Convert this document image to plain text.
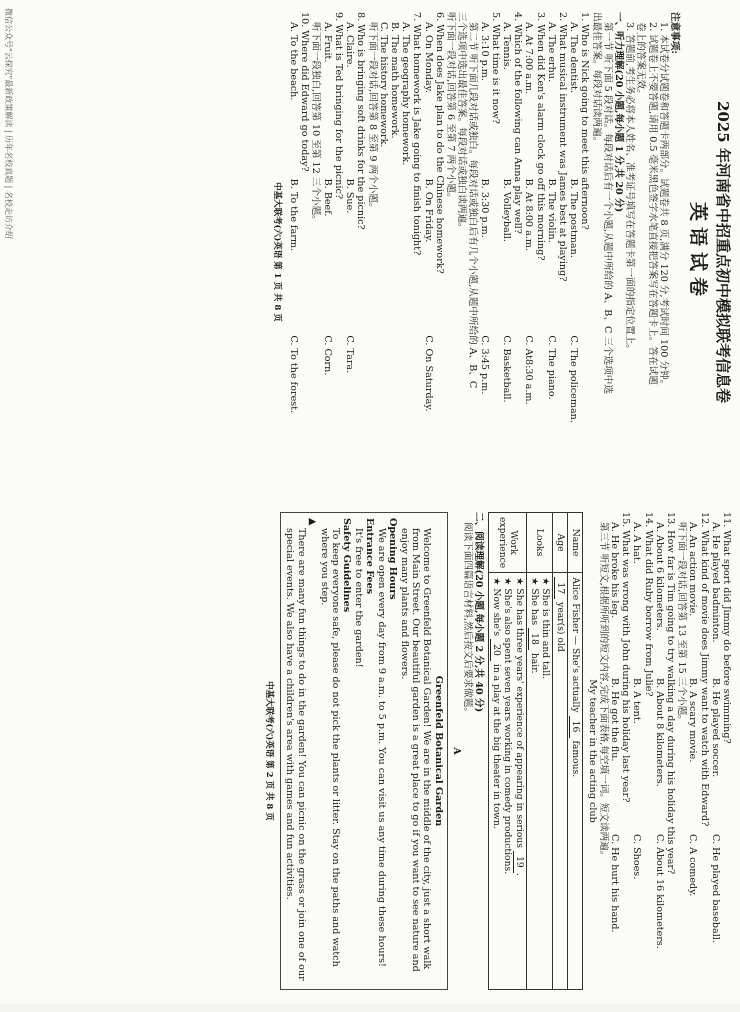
2025 年河南省中招重点初中模拟联考信息卷

英语试卷

注意事项:

1. 本试卷分试题卷和答题卡两部分。试题卷共 8 页,满分 120 分,考试时间 100 分钟。

2. 试题卷上不要答题,请用 0.5 毫米黑色签字水笔直接把答案写在答题卡上。答在试题

卷上的答案无效。

3. 答题前,考生务必将本人姓名、准考证号填写在答题卡第一面的指定位置上。

一、听力理解(20 小题,每小题 1 分,共 20 分)

第一节 听下面 5 段对话。每段对话后有一个小题,从题中所给的 A、B、C 三个选项中选

出最佳答案。每段对话读两遍。

1. Who is Nick going to meet this afternoon?

A. The dentist.
B. The postman.
C. The policeman.

2. What musical instrument was James best at playing?

A. The erhu.
B. The violin.
C. The piano.

3. When did Ken's alarm clock go off this morning?

A. At 7:00 a.m.
B. At 8:00 a.m.
C. At8:30 a.m.

4. Which of the following can Anna play well?

A. Tennis.
B. Volleyball.
C. Basketball.

5. What time is it now?

A. 3:10 p.m.
B. 3:30 p.m.
C. 3:45 p.m.

第二节 听下面几段对话或独白。每段对话或独白后有几个小题,从题中所给的 A、B、C

三个选项中选出最佳答案。每段对话或独白读两遍。

听下面一段对话,回答第 6 至第 7 两个小题。

6. When does Jake plan to do the Chinese homework?

A. On Monday.
B. On Friday.
C. On Saturday.

7. What homework is Jake going to finish tonight?

A. The geography homework.

B. The math homework.

C. The history homework.

听下面一段对话,回答第 8 至第 9 两个小题。

8. Who is bringing soft drinks for the picnic?

A. Claire.
B. Sue.
C. Tara.

9. What is Ted bringing for the picnic?

A. Fruit.
B. Beef.
C. Corn.

听下面一段独白,回答第 10 至第 12 三个小题。

10. Where did Edward go today?

A. To the beach.
B. To the farm.
C. To the forest.

中基大联考(六)英语 第 1 页 共 8 页

11. What sport did Jimmy do before swimming?

A. He played badminton.
B. He played soccer.
C. He played baseball.

12. What kind of movie does Jimmy want to watch with Edward?

A. An action movie.
B. A scary movie.
C. A comedy.

听下面一段对话,回答第 13 至第 15 三个小题。

13. How far is Tim going to try walking a day during his holiday this year?

A. About 6 kilometers.
B. About 8 kilometers.
C. About 16 kilometers.

14. What did Ruby borrow from Julie?

A. A hat.
B. A tent.
C. Shoes.

15. What was wrong with John during his holiday last year?

A. He broke his leg.
B. He got the flu.
C. He hurt his hand.

第三节 听短文,根据所听到的短文内容,完成下面表格,每空填一词。短文读两遍。

My teacher in the acting club

Name	Alice Fisher — She's actually 16 famous.
Age	17 year(s) old
Looks	★ She is thin and tall.
★ She has 18 hair.

Work experience	★ She has three years' experience of appearing in serious 19.
★ She's also spent seven years working in comedy productions.
★ Now she's 20 in a play at the big theater in town.

二、阅读理解(20 小题,每小题 2 分,共 40 分)

阅读下面四篇语言材料,然后按文后要求做题。

A

Greenfeld Botanical Garden

Welcome to Greenfeld Botanical Garden! We are in the middle of the city, just a short walk from Main Street. Our beautiful garden is a great place to go if you want to see nature and enjoy many plants and flowers.

Opening Hours

We are open every day from 9 a.m. to 5 p.m. You can visit us any time during these hours!

Entrance Fees

It's free to enter the garden!

Safety Guidelines

To keep everyone safe, please do not pick the plants or litter. Stay on the paths and watch where you step.

▲

There are many fun things to do in the garden! You can picnic on the grass or join one of our special events. We also have a children's area with games and fun activities.

中基大联考(六)英语 第 2 页 共 8 页

微信公众号"云探究"最新政策解读 | 历年名校真题 | 名校走访介绍
